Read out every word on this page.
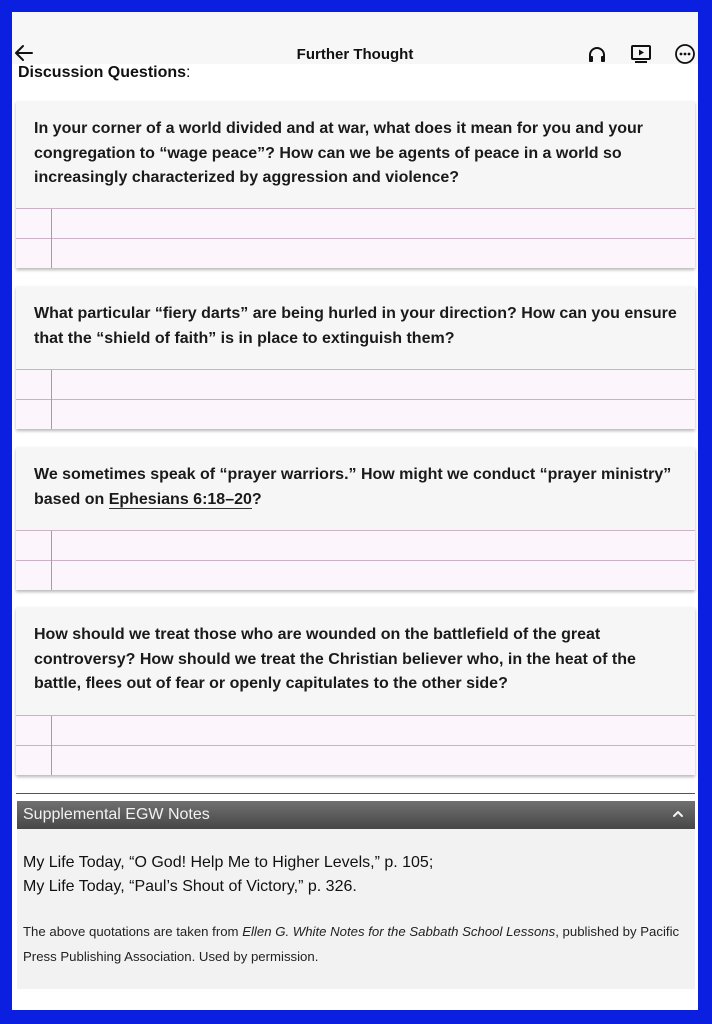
Further Thought
Discussion Questions:
In your corner of a world divided and at war, what does it mean for you and your congregation to “wage peace”? How can we be agents of peace in a world so increasingly characterized by aggression and violence?
What particular “fiery darts” are being hurled in your direction? How can you ensure that the “shield of faith” is in place to extinguish them?
We sometimes speak of “prayer warriors.” How might we conduct “prayer ministry” based on Ephesians 6:18–20?
How should we treat those who are wounded on the battlefield of the great controversy? How should we treat the Christian believer who, in the heat of the battle, flees out of fear or openly capitulates to the other side?
Supplemental EGW Notes
My Life Today, “O God! Help Me to Higher Levels,” p. 105;
My Life Today, “Paul’s Shout of Victory,” p. 326.
The above quotations are taken from Ellen G. White Notes for the Sabbath School Lessons, published by Pacific Press Publishing Association. Used by permission.
